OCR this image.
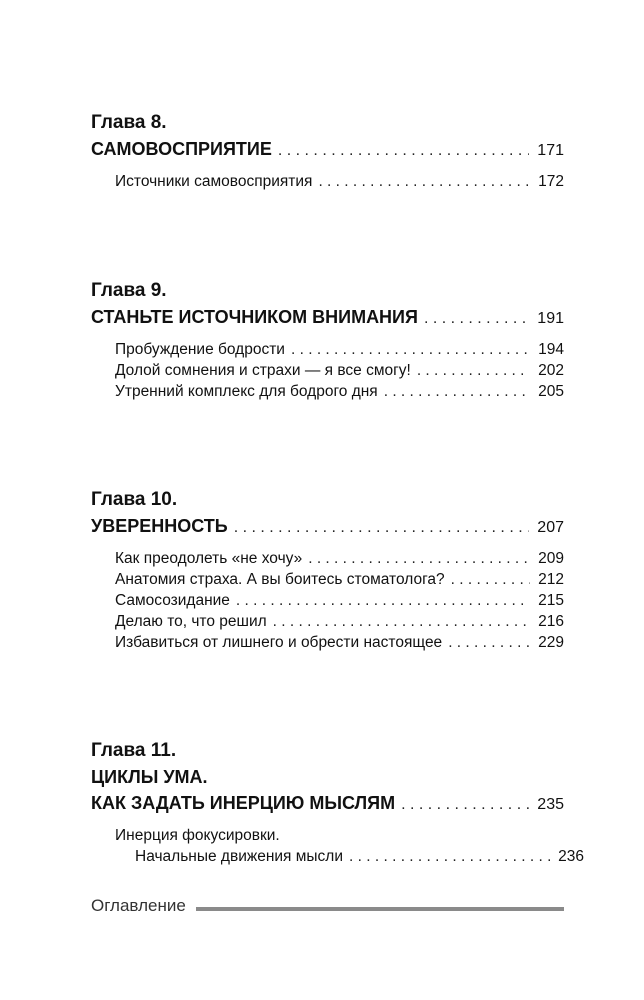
Глава 8.

САМОВОСПРИЯТИЕ . . .	171
Источники самовосприятия . . .	172

Глава 9.

СТАНЬТЕ ИСТОЧНИКОМ ВНИМАНИЯ . . .	191
Пробуждение бодрости . . .	194
Долой сомнения и страхи — я все смогу! . . .	202
Утренний комплекс для бодрого дня . . .	205

Глава 10.

УВЕРЕННОСТЬ . . .	207
Как преодолеть «не хочу» . . .	209
Анатомия страха. А вы боитесь стоматолога? . . .	212
Самосозидание . . .	215
Делаю то, что решил . . .	216
Избавиться от лишнего и обрести настоящее . . .	229

Глава 11.

ЦИКЛЫ УМА.
КАК ЗАДАТЬ ИНЕРЦИЮ МЫСЛЯМ . . .	235
Инерция фокусировки.
Начальные движения мысли . . .	236
Оглавление
